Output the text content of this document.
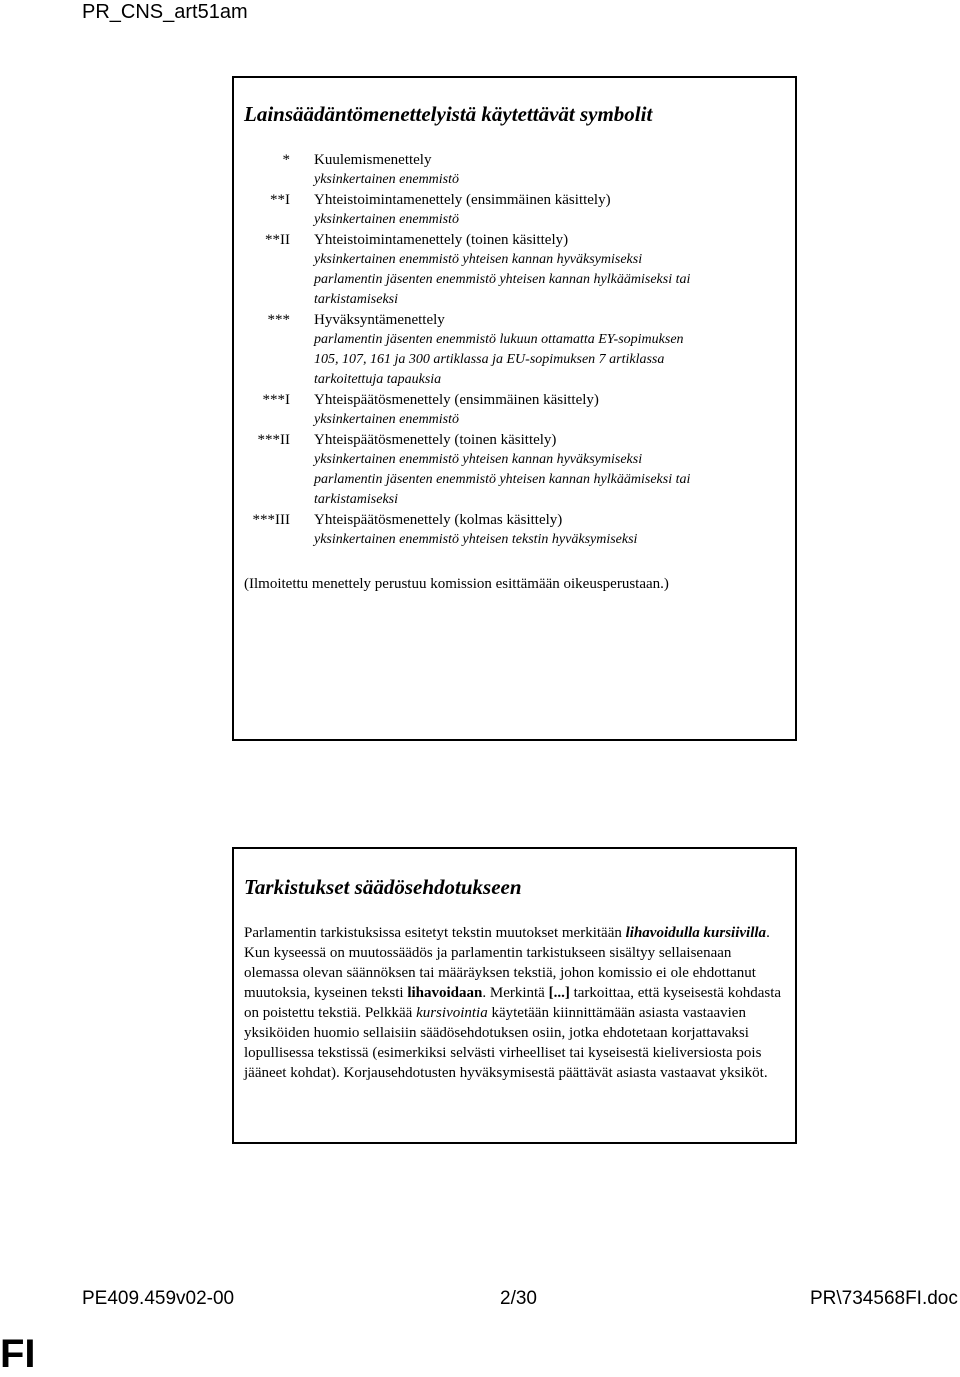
PR_CNS_art51am
Lainsäädäntömenettelyistä käytettävät symbolit
* Kuulemismenettely
yksinkertainen enemmistö
**I Yhteistoimintamenettely (ensimmäinen käsittely)
yksinkertainen enemmistö
**II Yhteistoimintamenettely (toinen käsittely)
yksinkertainen enemmistö yhteisen kannan hyväksymiseksi
parlamentin jäsenten enemmistö yhteisen kannan hylkäämiseksi tai
tarkistamiseksi
*** Hyväksyntämenettely
parlamentin jäsenten enemmistö lukuun ottamatta EY-sopimuksen
105, 107, 161 ja 300 artiklassa ja EU-sopimuksen 7 artiklassa
tarkoitettuja tapauksia
***I Yhteispäätösmenettely (ensimmäinen käsittely)
yksinkertainen enemmistö
***II Yhteispäätösmenettely (toinen käsittely)
yksinkertainen enemmistö yhteisen kannan hyväksymiseksi
parlamentin jäsenten enemmistö yhteisen kannan hylkäämiseksi tai
tarkistamiseksi
***III Yhteispäätösmenettely (kolmas käsittely)
yksinkertainen enemmistö yhteisen tekstin hyväksymiseksi
(Ilmoitettu menettely perustuu komission esittämään oikeusperustaan.)
Tarkistukset säädösehdotukseen
Parlamentin tarkistuksissa esitetyt tekstin muutokset merkitään lihavoidulla kursiivilla. Kun kyseessä on muutossäädös ja parlamentin tarkistukseen sisältyy sellaisenaan olemassa olevan säännöksen tai määräyksen tekstiä, johon komissio ei ole ehdottanut muutoksia, kyseinen teksti lihavoidaan. Merkintä [...] tarkoittaa, että kyseisestä kohdasta on poistettu tekstiä. Pelkkää kursivointia käytetään kiinnittämään asiasta vastaavien yksiköiden huomio sellaisiin säädösehdotuksen osiin, jotka ehdotetaan korjattavaksi lopullisessa tekstissä (esimerkiksi selvästi virheelliset tai kyseisestä kieliversiosta pois jääneet kohdat). Korjausehdotusten hyväksymisestä päättävät asiasta vastaavat yksiköt.
PE409.459v02-00	2/30	PR\734568FI.doc
FI
